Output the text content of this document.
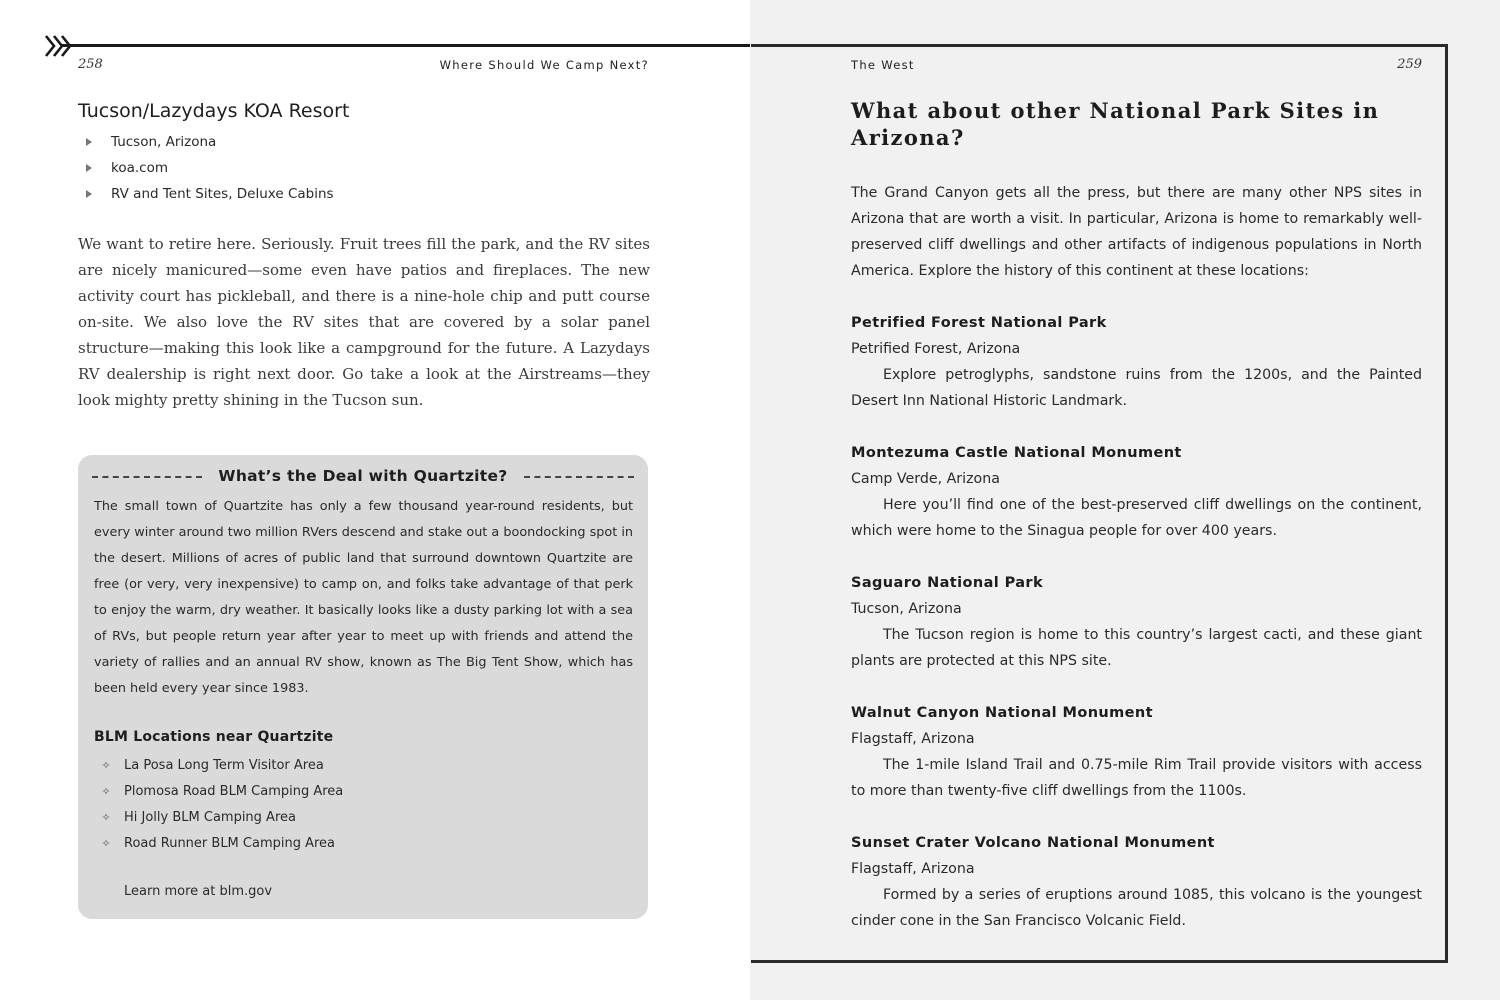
258	Where Should We Camp Next?	The West	259
Tucson/Lazydays KOA Resort
Tucson, Arizona
koa.com
RV and Tent Sites, Deluxe Cabins

We want to retire here. Seriously. Fruit trees fill the park, and the RV sites are nicely manicured—some even have patios and fireplaces. The new activity court has pickleball, and there is a nine-hole chip and putt course on-site. We also love the RV sites that are covered by a solar panel structure—making this look like a campground for the future. A Lazydays RV dealership is right next door. Go take a look at the Airstreams—they look mighty pretty shining in the Tucson sun.

What’s the Deal with Quartzite?

The small town of Quartzite has only a few thousand year-round residents, but every winter around two million RVers descend and stake out a boondocking spot in the desert. Millions of acres of public land that surround downtown Quartzite are free (or very, very inexpensive) to camp on, and folks take advantage of that perk to enjoy the warm, dry weather. It basically looks like a dusty parking lot with a sea of RVs, but people return year after year to meet up with friends and attend the variety of rallies and an annual RV show, known as The Big Tent Show, which has been held every year since 1983.

BLM Locations near Quartzite
✧ La Posa Long Term Visitor Area
✧ Plomosa Road BLM Camping Area
✧ Hi Jolly BLM Camping Area
✧ Road Runner BLM Camping Area
Learn more at blm.gov
What about other National Park Sites in Arizona?

The Grand Canyon gets all the press, but there are many other NPS sites in Arizona that are worth a visit. In particular, Arizona is home to remarkably well-preserved cliff dwellings and other artifacts of indigenous populations in North America. Explore the history of this continent at these locations:

Petrified Forest National Park

Petrified Forest, Arizona

Explore petroglyphs, sandstone ruins from the 1200s, and the Painted Desert Inn National Historic Landmark.

Montezuma Castle National Monument

Camp Verde, Arizona

Here you’ll find one of the best-preserved cliff dwellings on the continent, which were home to the Sinagua people for over 400 years.

Saguaro National Park

Tucson, Arizona

The Tucson region is home to this country’s largest cacti, and these giant plants are protected at this NPS site.

Walnut Canyon National Monument

Flagstaff, Arizona

The 1-mile Island Trail and 0.75-mile Rim Trail provide visitors with access to more than twenty-five cliff dwellings from the 1100s.

Sunset Crater Volcano National Monument

Flagstaff, Arizona

Formed by a series of eruptions around 1085, this volcano is the youngest cinder cone in the San Francisco Volcanic Field.
